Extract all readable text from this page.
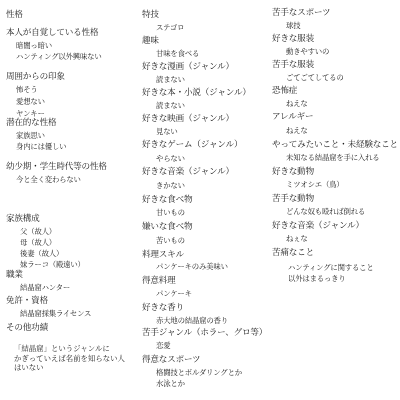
性格
本人が自覚している性格
暗闇っ暗い
ハンティング以外興味ない
周囲からの印象
怖そう
愛想ない
ヤンキー
潜在的な性格
家族思い
身内には優しい
幼少期・学生時代等の性格
今と全く変わらない
家族構成
父（故人）
母（故人）
後妻（故人）
妹ラーコ（殿遠い）
職業
結晶窟ハンター
免許・資格
結晶窟採集ライセンス
その他功績
「結晶窟」というジャンルに
かぎっていえば名前を知らない人
はいない
特技
ステゴロ
趣味
甘味を食べる
好きな漫画（ジャンル）
読まない
好きな本・小説（ジャンル）
読まない
好きな映画（ジャンル）
見ない
好きなゲーム（ジャンル）
やらない
好きな音楽（ジャンル）
きかない
好きな食べ物
甘いもの
嫌いな食べ物
苦いもの
料理スキル
パンケーキのみ美味い
得意料理
パンケーキ
好きな香り
赤大地の結晶窟の香り
苦手ジャンル（ホラー、グロ等）
恋愛
得意なスポーツ
格闘技とボルダリングとか
水泳とか
苦手なスポーツ
球技
好きな服装
動きやすいの
苦手な服装
ごてごてしてるの
恐怖症
ねえな
アレルギー
ねえな
やってみたいこと・未経験なこと
未知なる結晶窟を手に入れる
好きな動物
ミツオシエ（鳥）
苦手な動物
どんな奴も殴れば倒れる
好きな音楽（ジャンル）
ねぇな
苦痛なこと
ハンティングに関すること
以外はまるっきり
